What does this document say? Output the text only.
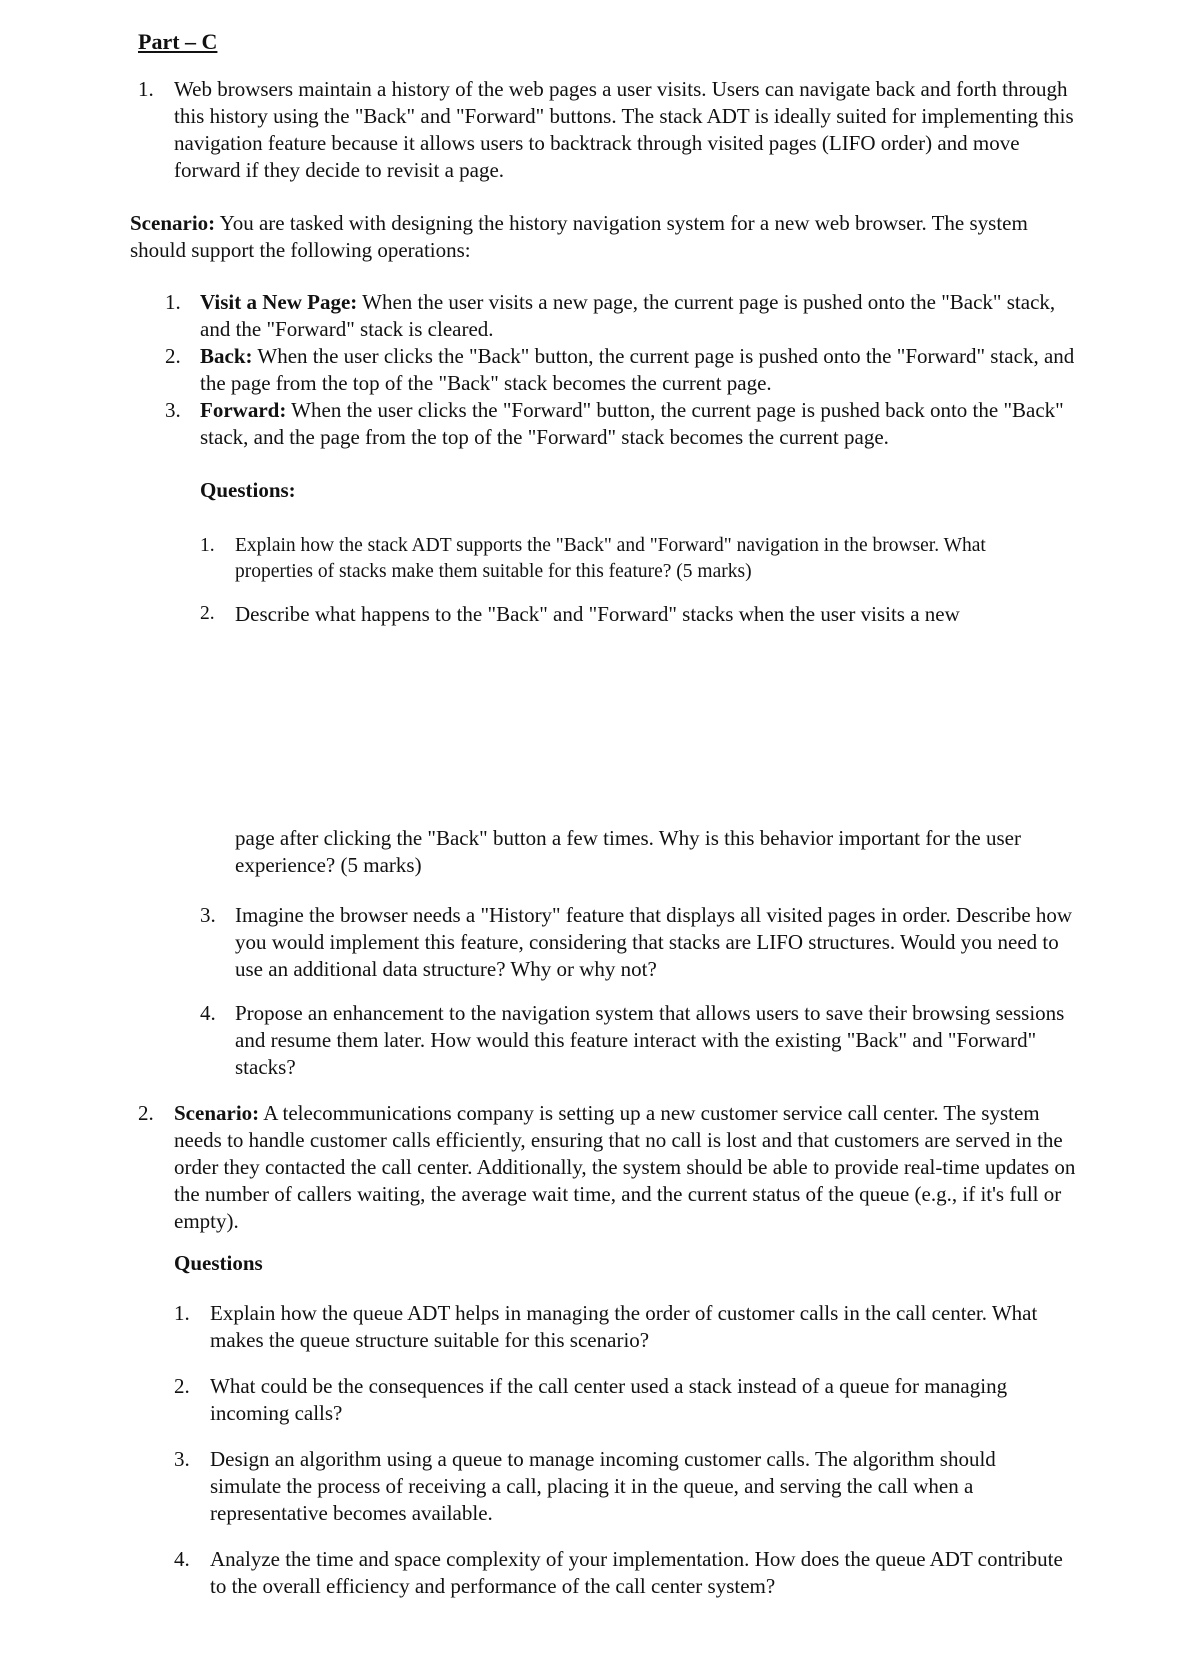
Part – C
1. Web browsers maintain a history of the web pages a user visits. Users can navigate back and forth through this history using the "Back" and "Forward" buttons. The stack ADT is ideally suited for implementing this navigation feature because it allows users to backtrack through visited pages (LIFO order) and move forward if they decide to revisit a page.
Scenario: You are tasked with designing the history navigation system for a new web browser. The system should support the following operations:
1. Visit a New Page: When the user visits a new page, the current page is pushed onto the "Back" stack, and the "Forward" stack is cleared.
2. Back: When the user clicks the "Back" button, the current page is pushed onto the "Forward" stack, and the page from the top of the "Back" stack becomes the current page.
3. Forward: When the user clicks the "Forward" button, the current page is pushed back onto the "Back" stack, and the page from the top of the "Forward" stack becomes the current page.
Questions:
1. Explain how the stack ADT supports the "Back" and "Forward" navigation in the browser. What properties of stacks make them suitable for this feature? (5 marks)
2. Describe what happens to the "Back" and "Forward" stacks when the user visits a new
page after clicking the "Back" button a few times. Why is this behavior important for the user experience? (5 marks)
3. Imagine the browser needs a "History" feature that displays all visited pages in order. Describe how you would implement this feature, considering that stacks are LIFO structures. Would you need to use an additional data structure? Why or why not?
4. Propose an enhancement to the navigation system that allows users to save their browsing sessions and resume them later. How would this feature interact with the existing "Back" and "Forward" stacks?
2. Scenario: A telecommunications company is setting up a new customer service call center. The system needs to handle customer calls efficiently, ensuring that no call is lost and that customers are served in the order they contacted the call center. Additionally, the system should be able to provide real-time updates on the number of callers waiting, the average wait time, and the current status of the queue (e.g., if it's full or empty).
Questions
1. Explain how the queue ADT helps in managing the order of customer calls in the call center. What makes the queue structure suitable for this scenario?
2. What could be the consequences if the call center used a stack instead of a queue for managing incoming calls?
3. Design an algorithm using a queue to manage incoming customer calls. The algorithm should simulate the process of receiving a call, placing it in the queue, and serving the call when a representative becomes available.
4. Analyze the time and space complexity of your implementation. How does the queue ADT contribute to the overall efficiency and performance of the call center system?
